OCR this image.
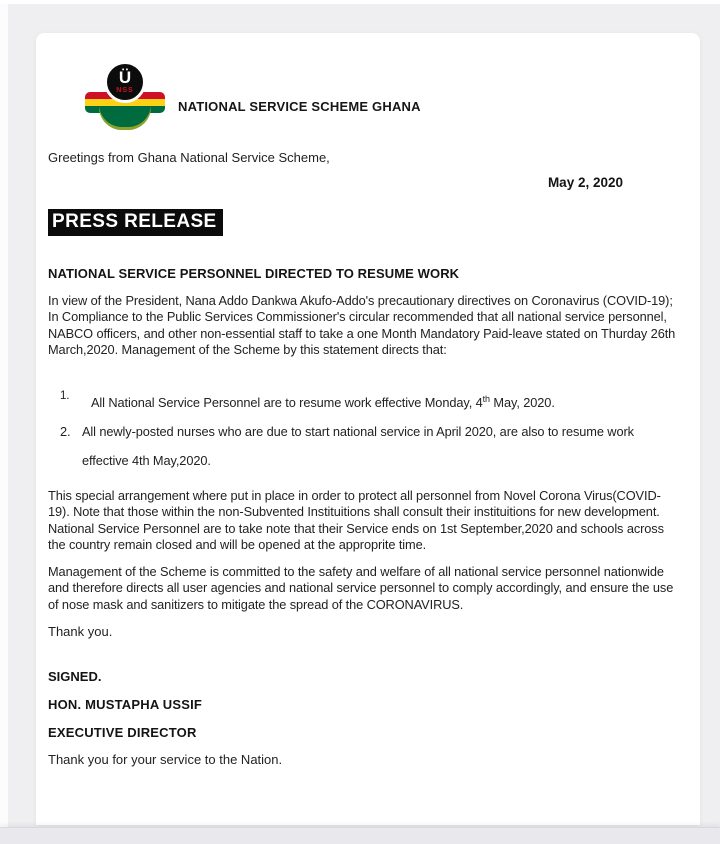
Ü
NSS
NATIONAL SERVICE SCHEME GHANA
Greetings from Ghana National Service Scheme,
May 2, 2020
PRESS RELEASE
NATIONAL SERVICE PERSONNEL DIRECTED TO RESUME WORK
In view of the President, Nana Addo Dankwa Akufo-Addo's precautionary directives on Coronavirus (COVID-19); In Compliance to the Public Services Commissioner's circular recommended that all national service personnel, NABCO officers, and other non-essential staff to take a one Month Mandatory Paid-leave stated on Thurday 26th March,2020. Management of the Scheme by this statement directs that:
1.	All National Service Personnel are to resume work effective Monday, 4th May, 2020.
2. All newly-posted nurses who are due to start national service in April 2020, are also to resume work effective 4th May,2020.
This special arrangement where put in place in order to protect all personnel from Novel Corona Virus(COVID-19). Note that those within the non-Subvented Instituitions shall consult their instituitions for new development. National Service Personnel are to take note that their Service ends on 1st September,2020 and schools across the country remain closed and will be opened at the approprite time.
Management of the Scheme is committed to the safety and welfare of all national service personnel nationwide and therefore directs all user agencies and national service personnel to comply accordingly, and ensure the use of nose mask and sanitizers to mitigate the spread of the CORONAVIRUS.
Thank you.
SIGNED.
HON. MUSTAPHA USSIF
EXECUTIVE DIRECTOR
Thank you for your service to the Nation.
